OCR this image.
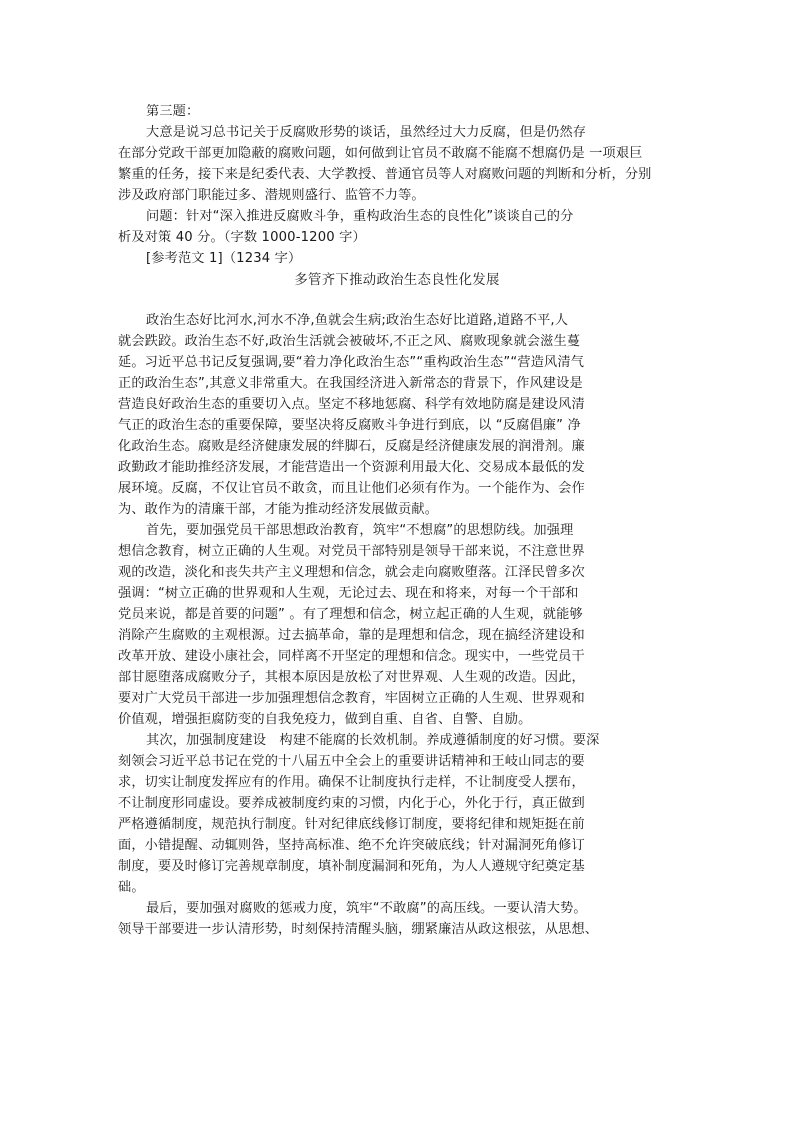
第三题：
大意是说习总书记关于反腐败形势的谈话，虽然经过大力反腐，但是仍然存
在部分党政干部更加隐蔽的腐败问题，如何做到让官员不敢腐不能腐不想腐仍是 一项艰巨
繁重的任务，接下来是纪委代表、大学教授、普通官员等人对腐败问题的判断和分析，分别
涉及政府部门职能过多、潜规则盛行、监管不力等。
问题：针对“深入推进反腐败斗争，重构政治生态的良性化”谈谈自己的分
析及对策 40 分。（字数 1000-1200 字）
[参考范文 1]（1234 字）
多管齐下推动政治生态良性化发展
政治生态好比河水,河水不净,鱼就会生病;政治生态好比道路,道路不平,人
就会跌跤。政治生态不好,政治生活就会被破坏,不正之风、腐败现象就会滋生蔓
延。习近平总书记反复强调,要“着力净化政治生态”“重构政治生态”“营造风清气
正的政治生态”,其意义非常重大。在我国经济进入新常态的背景下，作风建设是
营造良好政治生态的重要切入点。坚定不移地惩腐、科学有效地防腐是建设风清
气正的政治生态的重要保障，要坚决将反腐败斗争进行到底，以 “反腐倡廉” 净
化政治生态。腐败是经济健康发展的绊脚石，反腐是经济健康发展的润滑剂。廉
政勤政才能助推经济发展，才能营造出一个资源利用最大化、交易成本最低的发
展环境。反腐，不仅让官员不敢贪，而且让他们必须有作为。一个能作为、会作
为、敢作为的清廉干部，才能为推动经济发展做贡献。
首先，要加强党员干部思想政治教育，筑牢“不想腐”的思想防线。加强理
想信念教育，树立正确的人生观。对党员干部特别是领导干部来说，不注意世界
观的改造，淡化和丧失共产主义理想和信念，就会走向腐败堕落。江泽民曾多次
强调：“树立正确的世界观和人生观，无论过去、现在和将来，对每一个干部和
党员来说，都是首要的问题” 。有了理想和信念，树立起正确的人生观，就能够
消除产生腐败的主观根源。过去搞革命，靠的是理想和信念，现在搞经济建设和
改革开放、建设小康社会，同样离不开坚定的理想和信念。现实中，一些党员干
部甘愿堕落成腐败分子，其根本原因是放松了对世界观、人生观的改造。因此，
要对广大党员干部进一步加强理想信念教育，牢固树立正确的人生观、世界观和
价值观，增强拒腐防变的自我免疫力，做到自重、自省、自警、自励。
其次，加强制度建设　构建不能腐的长效机制。养成遵循制度的好习惯。要深
刻领会习近平总书记在党的十八届五中全会上的重要讲话精神和王岐山同志的要
求，切实让制度发挥应有的作用。确保不让制度执行走样，不让制度受人摆布，
不让制度形同虚设。要养成被制度约束的习惯，内化于心，外化于行，真正做到
严格遵循制度，规范执行制度。针对纪律底线修订制度，要将纪律和规矩挺在前
面，小错提醒、动辄则咎，坚持高标准、绝不允许突破底线；针对漏洞死角修订
制度，要及时修订完善规章制度，填补制度漏洞和死角，为人人遵规守纪奠定基
础。
最后，要加强对腐败的惩戒力度，筑牢“不敢腐”的高压线。一要认清大势。
领导干部要进一步认清形势，时刻保持清醒头脑，绷紧廉洁从政这根弦，从思想、
